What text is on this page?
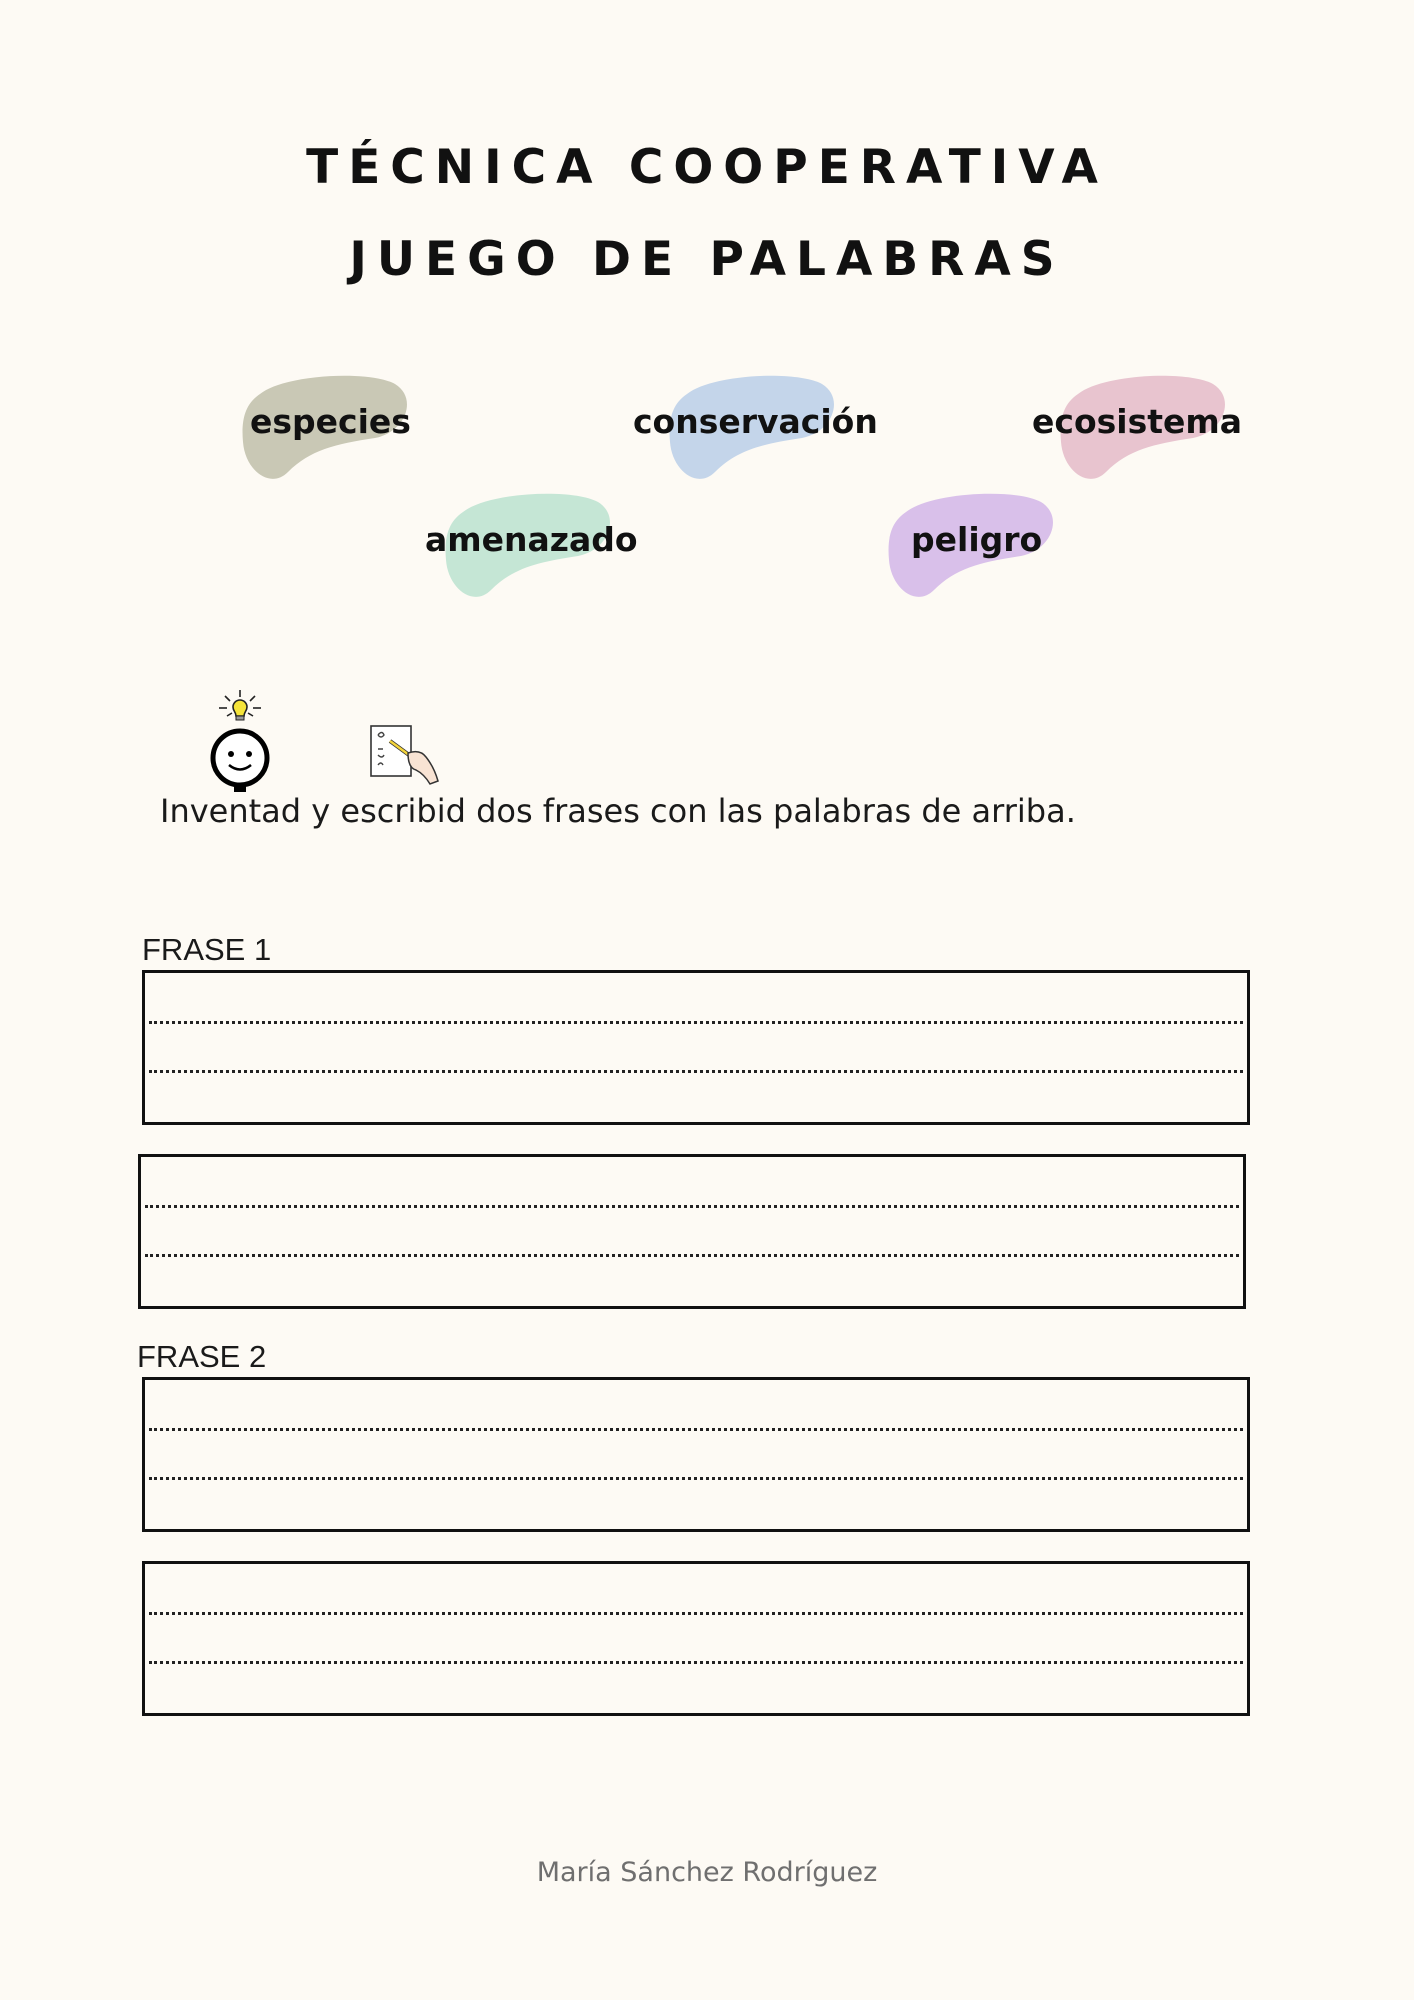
TÉCNICA COOPERATIVA
JUEGO DE PALABRAS
especies	conservación	ecosistema
amenazado	peligro

Inventad y escribid dos frases con las palabras de arriba.

FRASE 1
FRASE 2
María Sánchez Rodríguez
